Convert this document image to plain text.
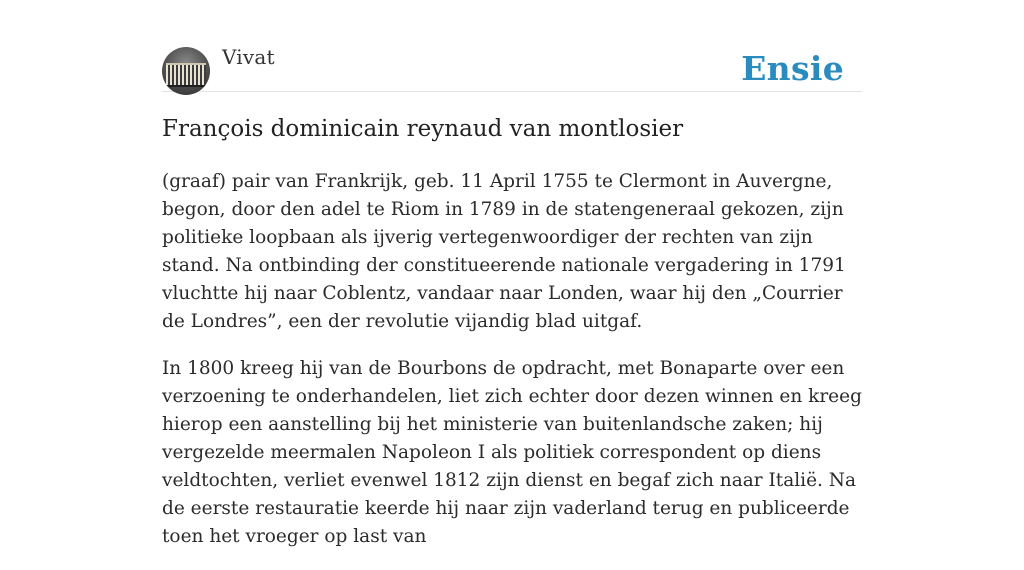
Vivat	Ensie
François dominicain reynaud van montlosier

(graaf) pair van Frankrijk, geb. 11 April 1755 te Clermont in Auvergne, begon, door den adel te Riom in 1789 in de statengeneraal gekozen, zijn politieke loopbaan als ijverig vertegenwoordiger der rechten van zijn stand. Na ontbinding der constitueerende nationale vergadering in 1791 vluchtte hij naar Coblentz, vandaar naar Londen, waar hij den „Courrier de Londres”, een der revolutie vijandig blad uitgaf.

In 1800 kreeg hij van de Bourbons de opdracht, met Bonaparte over een verzoening te onderhandelen, liet zich echter door dezen winnen en kreeg hierop een aanstelling bij het ministerie van buitenlandsche zaken; hij vergezelde meermalen Napoleon I als politiek correspondent op diens veldtochten, verliet evenwel 1812 zijn dienst en begaf zich naar Italië. Na de eerste restauratie keerde hij naar zijn vaderland terug en publiceerde toen het vroeger op last van
